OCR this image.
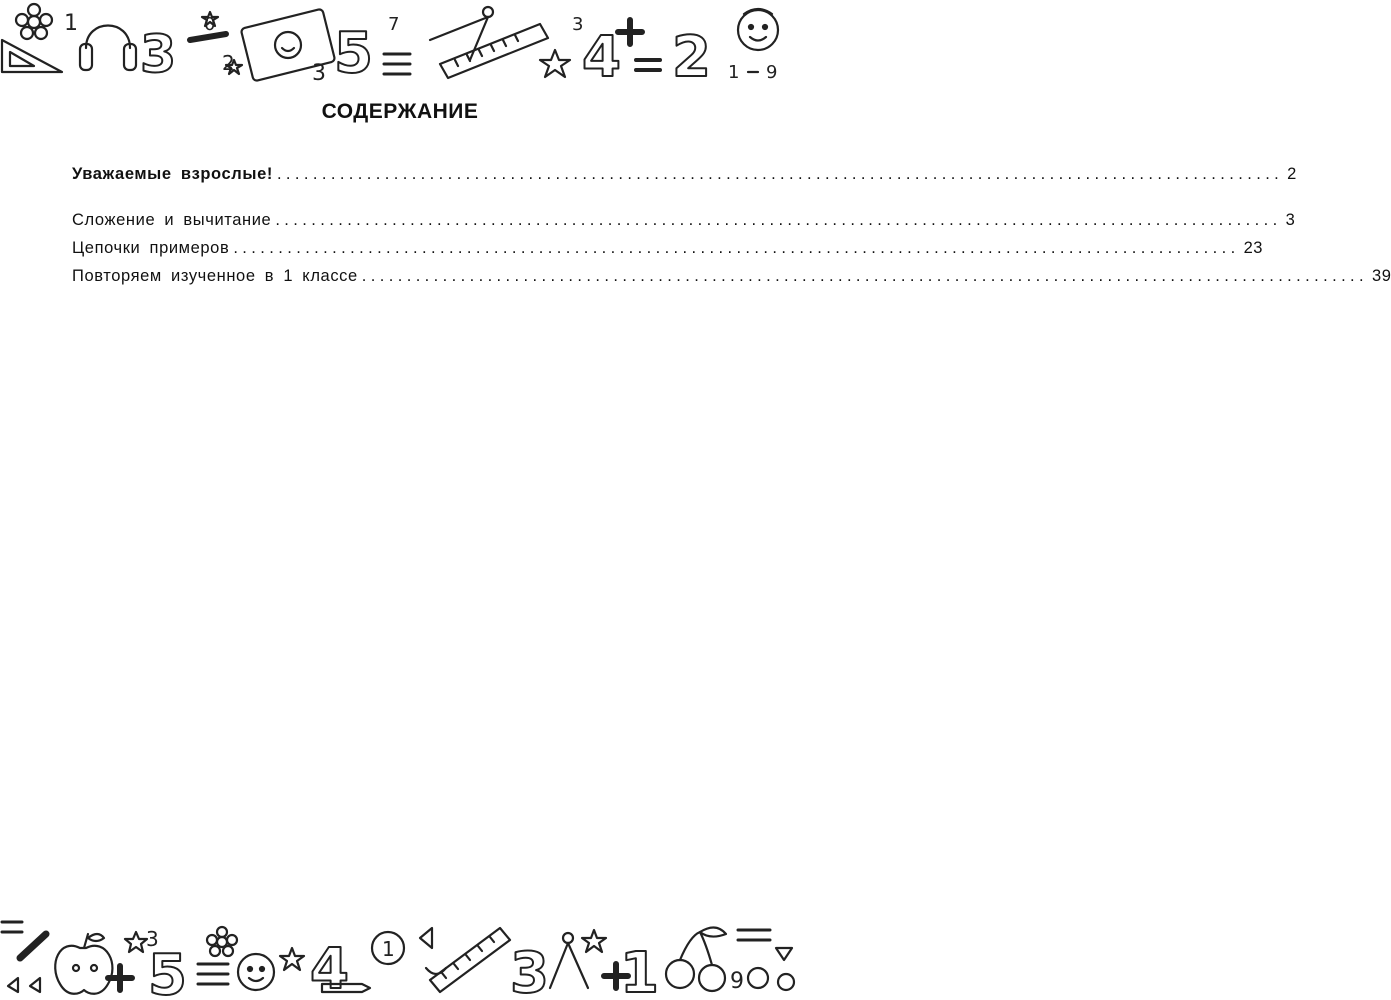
1
3
0
2	3 5 7	3
4 2 1 9
СОДЕРЖАНИЕ
Уважаемые взрослые! ................................................................................................................ 2
Сложение и вычитание ................................................................................................................ 3
Цепочки примеров ................................................................................................................ 23
Повторяем изученное в 1 классе ................................................................................................................ 39
3
5 4 1 3 1	9
